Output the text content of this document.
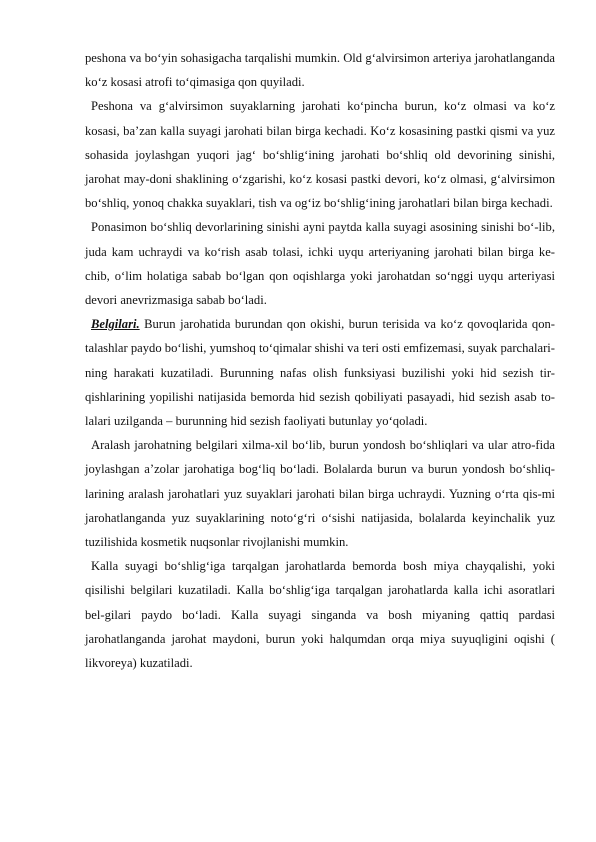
peshona va bo‘yin sohasigacha tarqalishi mumkin. Old g‘alvirsimon arteriya jarohatlanganda ko‘z kosasi atrofi to‘qimasiga qon quyiladi.

Peshona va g‘alvirsimon suyaklarning jarohati ko‘pincha burun, ko‘z olmasi va ko‘z kosasi, ba’zan kalla suyagi jarohati bilan birga kechadi. Ko‘z kosasining pastki qismi va yuz sohasida joylashgan yuqori jag‘ bo‘shlig‘ining jarohati bo‘shliq old devorining sinishi, jarohat may-doni shaklining o‘zgarishi, ko‘z kosasi pastki devori, ko‘z olmasi, g‘alvirsimon bo‘shliq, yonoq chakka suyaklari, tish va og‘iz bo‘shlig‘ining jarohatlari bilan birga kechadi.

Ponasimon bo‘shliq devorlarining sinishi ayni paytda kalla suyagi asosining sinishi bo‘-lib, juda kam uchraydi va ko‘rish asab tolasi, ichki uyqu arteriyaning jarohati bilan birga ke-chib, o‘lim holatiga sabab bo‘lgan qon oqishlarga yoki jarohatdan so‘nggi uyqu arteriyasi devori anevrizmasiga sabab bo‘ladi.

Belgilari. Burun jarohatida burundan qon okishi, burun terisida va ko‘z qovoqlarida qon-talashlar paydo bo‘lishi, yumshoq to‘qimalar shishi va teri osti emfizemasi, suyak parchalari-ning harakati kuzatiladi. Burunning nafas olish funksiyasi buzilishi yoki hid sezish tir-qishlarining yopilishi natijasida bemorda hid sezish qobiliyati pasayadi, hid sezish asab to-lalari uzilganda – burunning hid sezish faoliyati butunlay yo‘qoladi.

Aralash jarohatning belgilari xilma-xil bo‘lib, burun yondosh bo‘shliqlari va ular atro-fida joylashgan a’zolar jarohatiga bog‘liq bo‘ladi. Bolalarda burun va burun yondosh bo‘shliq-larining aralash jarohatlari yuz suyaklari jarohati bilan birga uchraydi. Yuzning o‘rta qis-mi jarohatlanganda yuz suyaklarining noto‘g‘ri o‘sishi natijasida, bolalarda keyinchalik yuz tuzilishida kosmetik nuqsonlar rivojlanishi mumkin.

Kalla suyagi bo‘shlig‘iga tarqalgan jarohatlarda bemorda bosh miya chayqalishi, yoki qisilishi belgilari kuzatiladi. Kalla bo‘shlig‘iga tarqalgan jarohatlarda kalla ichi asoratlari bel-gilari paydo bo‘ladi. Kalla suyagi singanda va bosh miyaning qattiq pardasi jarohatlanganda jarohat maydoni, burun yoki halqumdan orqa miya suyuqligini oqishi ( likvoreya) kuzatiladi.
